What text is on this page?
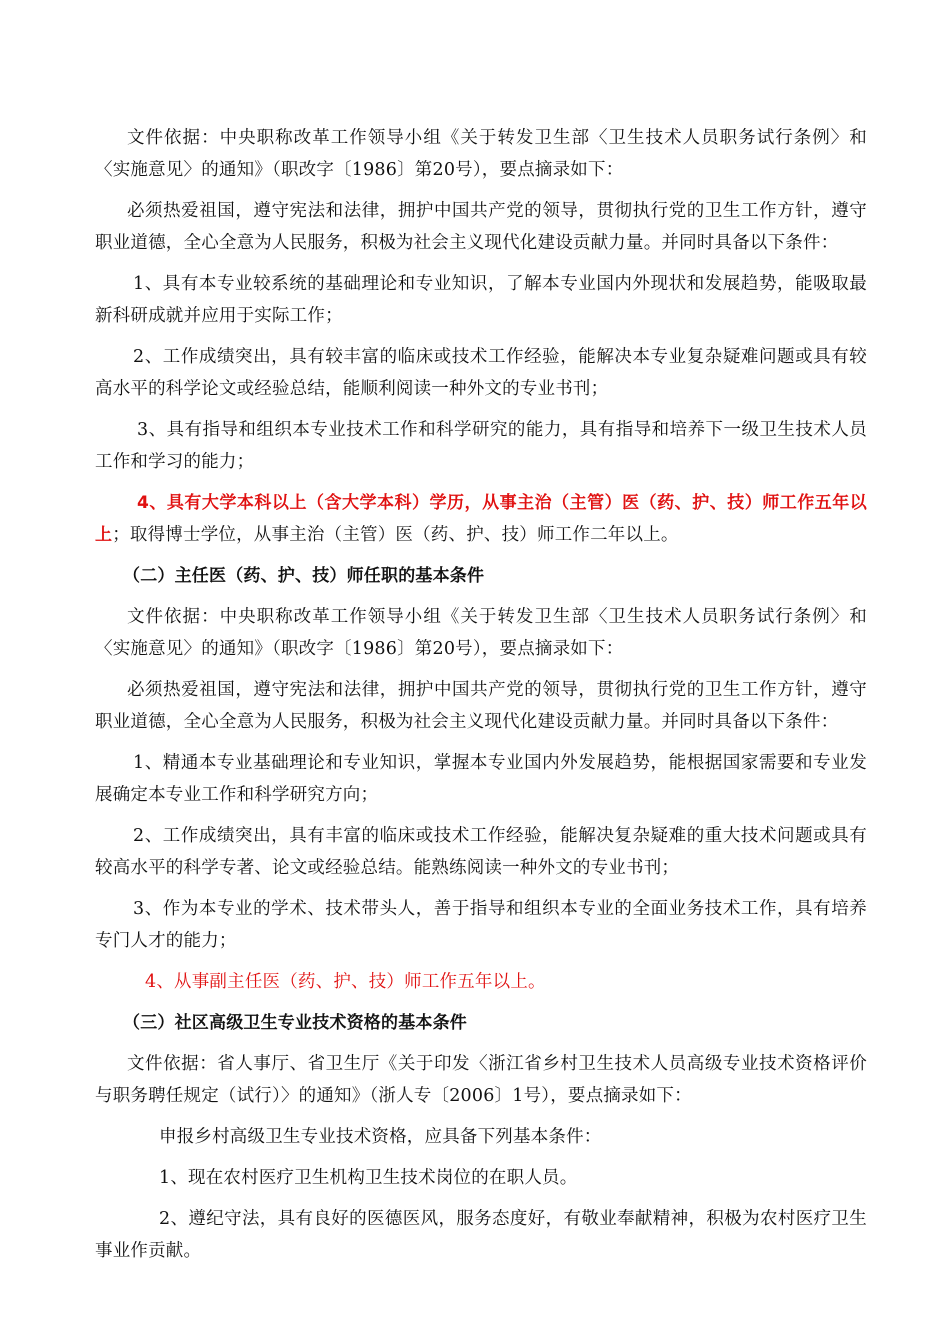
文件依据：中央职称改革工作领导小组《关于转发卫生部〈卫生技术人员职务试行条例〉和〈实施意见〉的通知》（职改字〔1986〕第20号），要点摘录如下：

必须热爱祖国，遵守宪法和法律，拥护中国共产党的领导，贯彻执行党的卫生工作方针，遵守职业道德，全心全意为人民服务，积极为社会主义现代化建设贡献力量。并同时具备以下条件：

1、具有本专业较系统的基础理论和专业知识，了解本专业国内外现状和发展趋势，能吸取最新科研成就并应用于实际工作；

2、工作成绩突出，具有较丰富的临床或技术工作经验，能解决本专业复杂疑难问题或具有较高水平的科学论文或经验总结，能顺利阅读一种外文的专业书刊；

3、具有指导和组织本专业技术工作和科学研究的能力，具有指导和培养下一级卫生技术人员工作和学习的能力；

4、具有大学本科以上（含大学本科）学历，从事主治（主管）医（药、护、技）师工作五年以上；取得博士学位，从事主治（主管）医（药、护、技）师工作二年以上。

（二）主任医（药、护、技）师任职的基本条件

文件依据：中央职称改革工作领导小组《关于转发卫生部〈卫生技术人员职务试行条例〉和〈实施意见〉的通知》（职改字〔1986〕第20号），要点摘录如下：

必须热爱祖国，遵守宪法和法律，拥护中国共产党的领导，贯彻执行党的卫生工作方针，遵守职业道德，全心全意为人民服务，积极为社会主义现代化建设贡献力量。并同时具备以下条件：

1、精通本专业基础理论和专业知识，掌握本专业国内外发展趋势，能根据国家需要和专业发展确定本专业工作和科学研究方向；

2、工作成绩突出，具有丰富的临床或技术工作经验，能解决复杂疑难的重大技术问题或具有较高水平的科学专著、论文或经验总结。能熟练阅读一种外文的专业书刊；

3、作为本专业的学术、技术带头人，善于指导和组织本专业的全面业务技术工作，具有培养专门人才的能力；

4、从事副主任医（药、护、技）师工作五年以上。

（三）社区高级卫生专业技术资格的基本条件

文件依据：省人事厅、省卫生厅《关于印发〈浙江省乡村卫生技术人员高级专业技术资格评价与职务聘任规定（试行）〉的通知》（浙人专〔2006〕1号），要点摘录如下：

申报乡村高级卫生专业技术资格，应具备下列基本条件：

1、现在农村医疗卫生机构卫生技术岗位的在职人员。

2、遵纪守法，具有良好的医德医风，服务态度好，有敬业奉献精神，积极为农村医疗卫生事业作贡献。
